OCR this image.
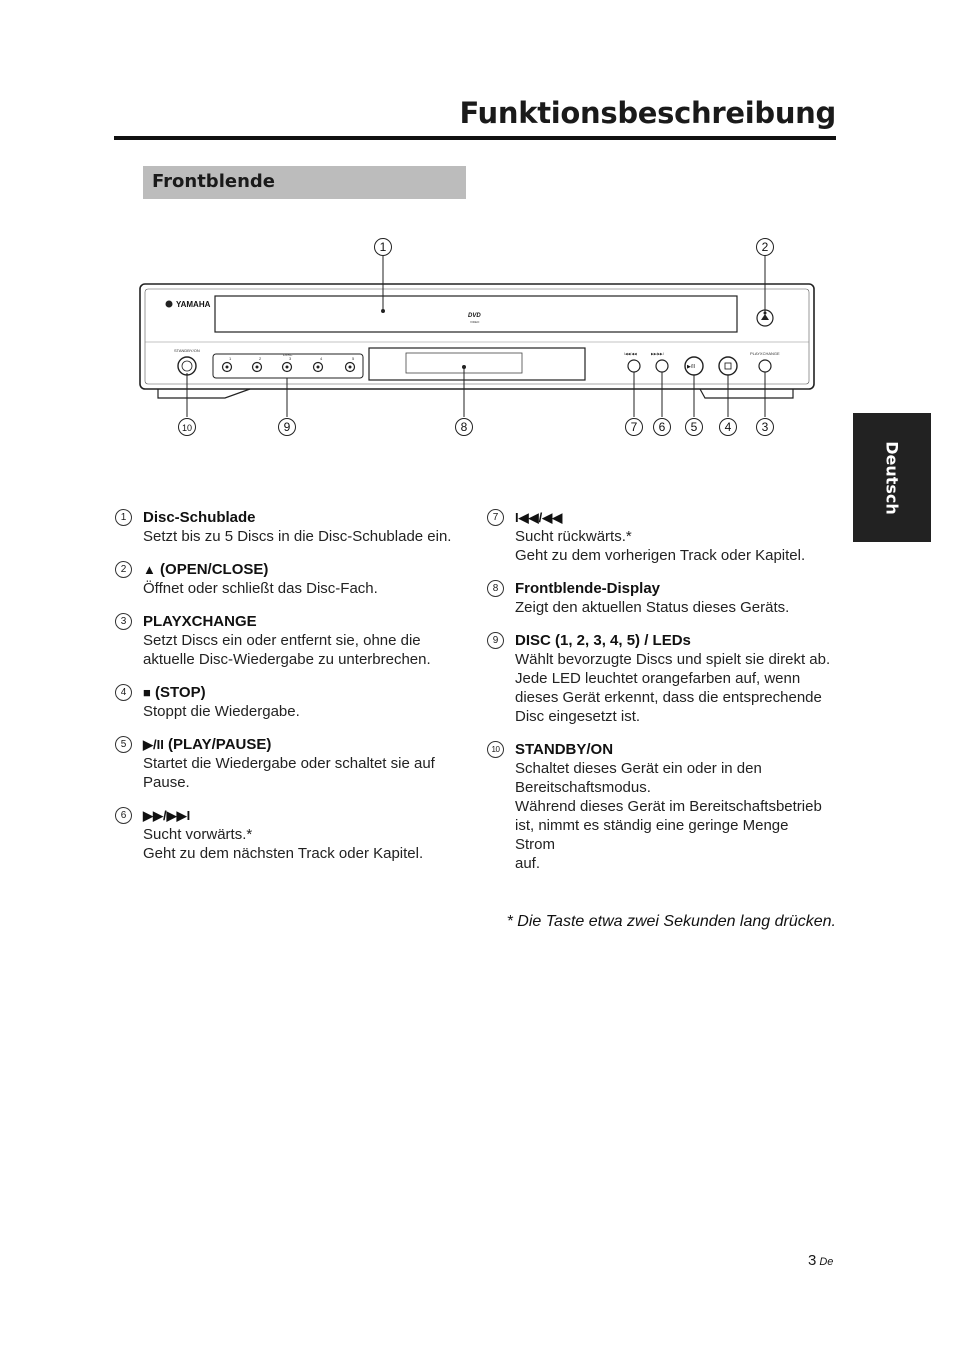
Funktionsbeschreibung
Frontblende
Deutsch
YAMAHA
DVD
VIDEO
STANDBY/ON
DISC
1	2	3	4	5
I◀◀/◀◀	▶▶/▶▶I
▶/II
PLAYXCHANGE
1	2
3
4
5
6
7
8
9
10
1	Disc-Schublade
Setzt bis zu 5 Discs in die Disc-Schublade ein.
2	▲ (OPEN/CLOSE)
Öffnet oder schließt das Disc-Fach.
3	PLAYXCHANGE
Setzt Discs ein oder entfernt sie, ohne die
aktuelle Disc-Wiedergabe zu unterbrechen.
4	■ (STOP)
Stoppt die Wiedergabe.
5	▶/II (PLAY/PAUSE)
Startet die Wiedergabe oder schaltet sie auf
Pause.
6	▶▶/▶▶I
Sucht vorwärts.*
Geht zu dem nächsten Track oder Kapitel.
7	I◀◀/◀◀
Sucht rückwärts.*
Geht zu dem vorherigen Track oder Kapitel.
8	Frontblende-Display
Zeigt den aktuellen Status dieses Geräts.
9	DISC (1, 2, 3, 4, 5) / LEDs
Wählt bevorzugte Discs und spielt sie direkt ab.
Jede LED leuchtet orangefarben auf, wenn
dieses Gerät erkennt, dass die entsprechende
Disc eingesetzt ist.
10	STANDBY/ON
Schaltet dieses Gerät ein oder in den
Bereitschaftsmodus.
Während dieses Gerät im Bereitschaftsbetrieb
ist, nimmt es ständig eine geringe Menge Strom
auf.
* Die Taste etwa zwei Sekunden lang drücken.
3 De
